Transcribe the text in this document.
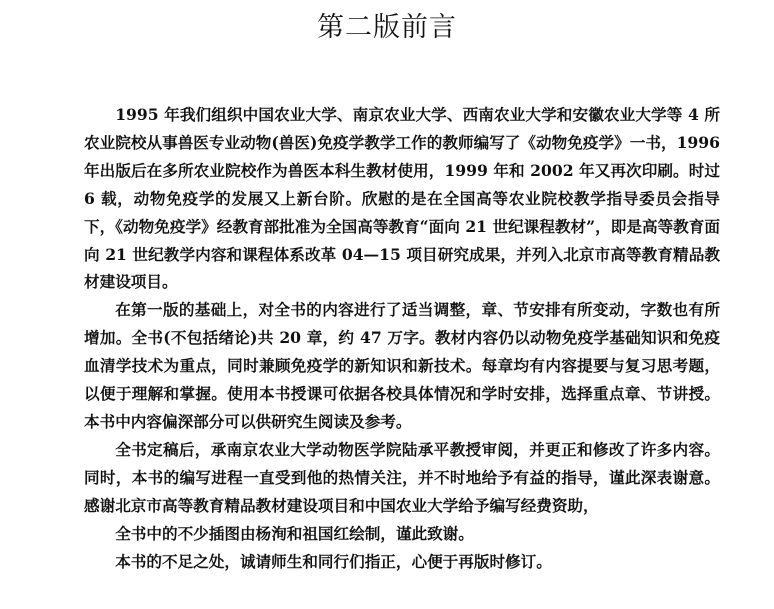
第二版前言

1995 年我们组织中国农业大学、南京农业大学、西南农业大学和安徽农业大学等 4 所农业院校从事兽医专业动物(兽医)免疫学教学工作的教师编写了《动物免疫学》一书，1996 年出版后在多所农业院校作为兽医本科生教材使用，1999 年和 2002 年又再次印刷。时过 6 载，动物免疫学的发展又上新台阶。欣慰的是在全国高等农业院校教学指导委员会指导下，《动物免疫学》经教育部批准为全国高等教育“面向 21 世纪课程教材”，即是高等教育面向 21 世纪教学内容和课程体系改革 04—15 项目研究成果，并列入北京市高等教育精品教材建设项目。

在第一版的基础上，对全书的内容进行了适当调整，章、节安排有所变动，字数也有所增加。全书(不包括绪论)共 20 章，约 47 万字。教材内容仍以动物免疫学基础知识和免疫血清学技术为重点，同时兼顾免疫学的新知识和新技术。每章均有内容提要与复习思考题，以便于理解和掌握。使用本书授课可依据各校具体情况和学时安排，选择重点章、节讲授。本书中内容偏深部分可以供研究生阅读及参考。

全书定稿后，承南京农业大学动物医学院陆承平教授审阅，并更正和修改了许多内容。同时，本书的编写进程一直受到他的热情关注，并不时地给予有益的指导，谨此深表谢意。感谢北京市高等教育精品教材建设项目和中国农业大学给予编写经费资助，

全书中的不少插图由杨洵和祖国红绘制，谨此致谢。

本书的不足之处，诚请师生和同行们指正，心便于再版时修订。
